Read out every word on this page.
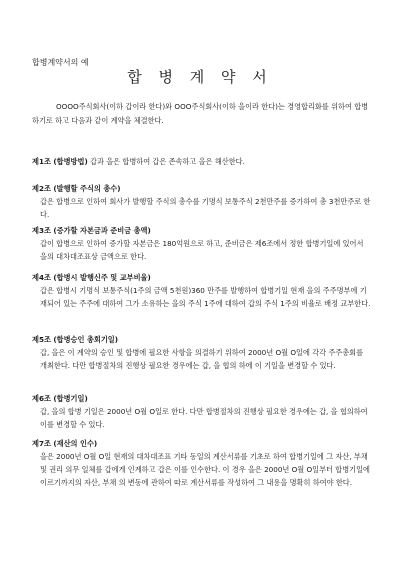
합병계약서의 예
합 병 계 약 서
OOOO주식회사(이하 갑이라 한다)와 OOO주식회사(이하 을이라 한다)는 경영합리화를 위하여 합병하기로 하고 다음과 같이 계약을 체결한다.
제1조 (합병방법) 갑과 을은 합병하여 갑은 존속하고 을은 해산한다.
제2조 (발행할 주식의 총수)

갑은 합병으로 인하여 회사가 발행할 주식의 총수를 기명식 보통주식 2천만주를 증가하여 총 3천만주로 한다.

제3조 (증가할 자본금과 준비금 총액)

갑이 합병으로 인하여 증가할 자본금은 180억원으로 하고, 준비금은 제6조에서 정한 합병기일에 있어서 을의 대차대조표상 금액으로 한다.

제4조 (합병시 발행신주 및 교부비율)

갑은 합병시 기명식 보통주식(1주의 금액 5천원)360 만주를 발행하여 합병기일 현재 을의 주주명부에 기재되어 있는 주주에 대하여 그가 소유하는 을의 주식 1주에 대하여 갑의 주식 1주의 비율로 배정 교부한다.

제5조 (합병승인 총회기일)

갑, 을은 이 계약의 승인 및 합병에 필요한 사항을 의결하기 위하여 2000년 O월 O일에 각각 주주총회를 개최한다. 다만 합병절차의 진행상 필요한 경우에는 갑, 을 협의 하에 이 기일을 변경할 수 있다.

제6조 (합병기일)

갑, 을의 합병 기일은 2000년 O월 O일로 한다. 다만 합병절차의 진행상 필요한 경우에는 갑, 을 협의하여 이를 변경할 수 있다.

제7조 (재산의 인수)

을은 2000년 O월 O일 현재의 대차대조표 기타 동일의 계산서류를 기초로 하여 합병기일에 그 자산, 부채 및 권리 의무 일체를 갑에게 인계하고 갑은 이를 인수한다. 이 경우 을은 2000년 O월 O일부터 합병기일에 이르기까지의 자산, 부채 의 변동에 관하여 따로 계산서류를 작성하여 그 내용을 명확히 하여야 한다.
